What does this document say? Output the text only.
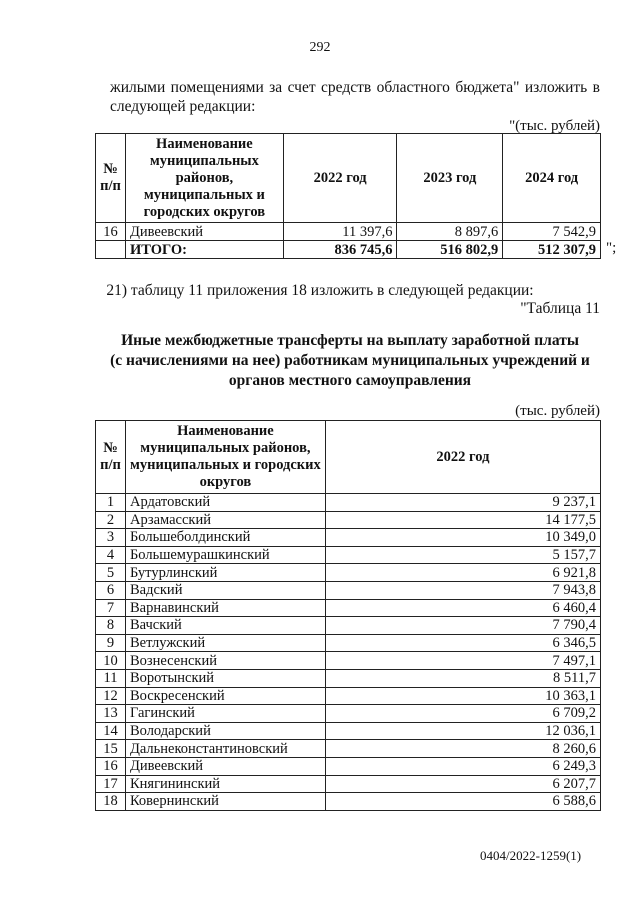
292
жилыми помещениями за счет средств областного бюджета" изложить в
следующей редакции:
"(тыс. рублей)
№ п/п	Наименование муниципальных районов, муниципальных и городских округов	2022 год	2023 год	2024 год
16	Дивеевский	11 397,6	8 897,6	7 542,9
	ИТОГО:	836 745,6	516 802,9	512 307,9 ";
21) таблицу 11 приложения 18 изложить в следующей редакции:
"Таблица 11
Иные межбюджетные трансферты на выплату заработной платы
(с начислениями на нее) работникам муниципальных учреждений и
органов местного самоуправления
(тыс. рублей)
№ п/п	Наименование муниципальных районов, муниципальных и городских округов	2022 год
1	Ардатовский	9 237,1
2	Арзамасский	14 177,5
3	Большеболдинский	10 349,0
4	Большемурашкинский	5 157,7
5	Бутурлинский	6 921,8
6	Вадский	7 943,8
7	Варнавинский	6 460,4
8	Вачский	7 790,4
9	Ветлужский	6 346,5
10	Вознесенский	7 497,1
11	Воротынский	8 511,7
12	Воскресенский	10 363,1
13	Гагинский	6 709,2
14	Володарский	12 036,1
15	Дальнеконстантиновский	8 260,6
16	Дивеевский	6 249,3
17	Княгининский	6 207,7
18	Ковернинский	6 588,6
0404/2022-1259(1)
